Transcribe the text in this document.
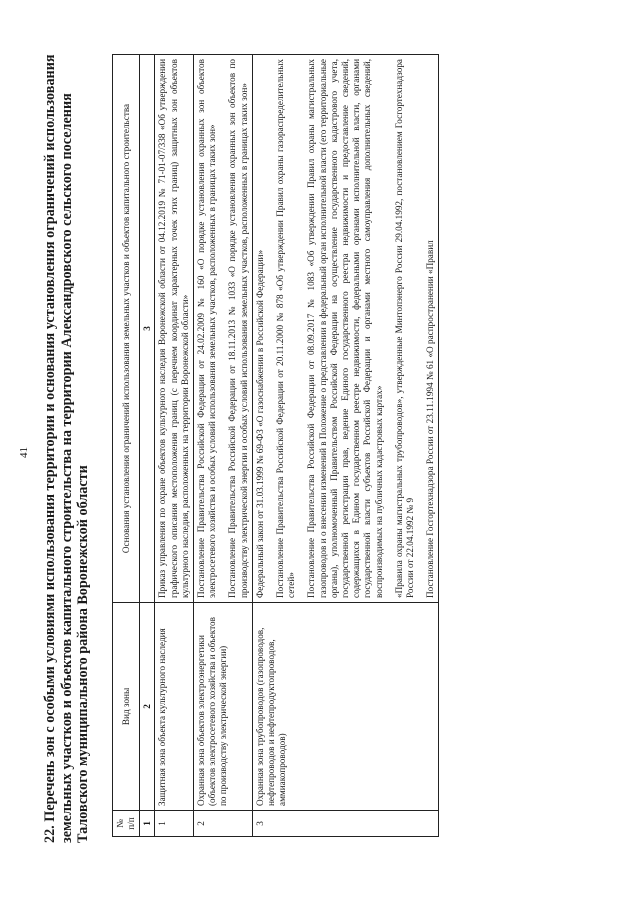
41 22. Перечень зон с особыми условиями использования территории и основания установления ограничений использования земельных участков и объектов капитального строительства на территории Александровского сельского поселения Таловского муниципального района Воронежской области	№ п/п	Вид зоны	Основания установления ограничений использования земельных участков и объектов капитального строительства
1	2	3
1	Защитная зона объекта культурного наследия	Приказ управления по охране объектов культурного наследия Воронежской области от 04.12.2019 № 71-01-07/338 «Об утверждении графического описания местоположения границ (с перечнем координат характерных точек этих границ) защитных зон объектов культурного наследия, расположенных на территории Воронежской области»

2	Охранная зона объектов электроэнергетики (объектов электросетевого хозяйства и объектов по производству электрической энергии)	Постановление Правительства Российской Федерации от 24.02.2009 № 160 «О порядке установления охранных зон объектов электросетевого хозяйства и особых условий использования земельных участков, расположенных в границах таких зон» Постановление Правительства Российской Федерации от 18.11.2013 № 1033 «О порядке установления охранных зон объектов по производству электрической энергии и особых условий использования земельных участков, расположенных в границах таких зон»

3	Охранная зона трубопроводов (газопроводов, нефтепроводов и нефтепродуктопроводов, аммиакопроводов)	Федеральный закон от 31.03.1999 № 69-ФЗ «О газоснабжении в Российской Федерации» Постановление Правительства Российской Федерации от 20.11.2000 № 878 «Об утверждении Правил охраны газораспределительных сетей» Постановление Правительства Российской Федерации от 08.09.2017 № 1083 «Об утверждении Правил охраны магистральных газопроводов и о внесении изменений в Положение о представлении в федеральный орган исполнительной власти (его территориальные органы), уполномоченный Правительством Российской Федерации на осуществление государственного кадастрового учета, государственной регистрации прав, ведение Единого государственного реестра недвижимости и предоставление сведений, содержащихся в Едином государственном реестре недвижимости, федеральными органами исполнительной власти, органами государственной власти субъектов Российской Федерации и органами местного самоуправления дополнительных сведений, воспроизводимых на публичных кадастровых картах» «Правила охраны магистральных трубопроводов», утвержденные Минтопэнерго России 29.04.1992, постановлением Госгортехнадзора России от 22.04.1992 № 9 Постановление Госгортехнадзора России от 23.11.1994 № 61 «О распространении «Правил
